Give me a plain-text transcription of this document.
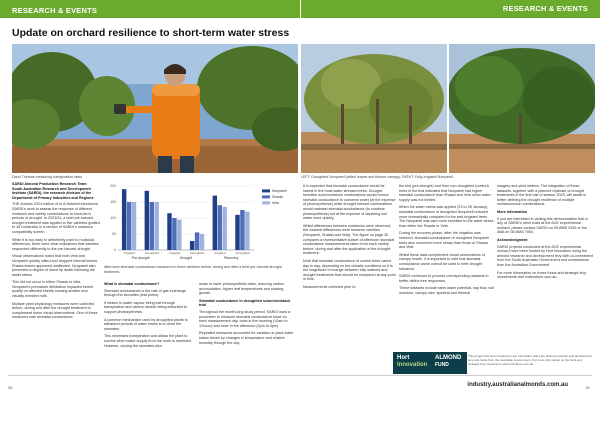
RESEARCH & EVENTS	RESEARCH & EVENTS
Update on orchard resilience to short-term water stress
Dario Thomas measuring transpiration rates.	LEFT: Droughted Nonpareil (wilted leaves and thinner canopy); RIGHT: Fully-irrigated Nonpareil.

SARDI Almond Production Research Team
South Australian Research and Development Institute (SARDI), the research division of the Department of Primary Industries and Regions

THE Autumn 2024 edition of In A Nutshell introduced SARDI’s work to assess the response of different rootstock and variety combinations to short-term periods of drought. In 2023/24, a brief pre-harvest drought treatment was applied to five varieties grafted to 18 rootstocks in a section of SARDI’s rootstock compatibility screen.

While it is too early to definitively point to rootstock differences, there were clear indications that varieties responded differently to the pre-harvest drought.

Visual observations noted that both Vela and Nonpareil quickly wilted and dropped internal leaves. Shasta leaves appeared unaffected. Nonpareil also presented a degree of shoot tip death following the water stress.

This did not occur in either Shasta or Vela. Nonpareil’s premature defoliation impacted kernel quality on affected sheets causing smaller and visually wrinkled nuts.

Multiple plant physiology measures were collected before, during and after the drought treatment to complement these visual observations. One of these measures was stomatal conductance.

What is stomatal conductance?

Stomatal conductance is the rate of gas exchange through the stomates (leaf pores).

It relates to water vapour being lost through transpiration and carbon dioxide being absorbed to support photosynthesis.

A common mechanism used by droughted plants to withstand periods of water stress is to close the stomates.

This minimises transpiration and allows the plant to survive when water supply from the roots is restricted. However, closing the stomates also

leads to lower photosynthetic rates, reducing carbon accumulation, higher leaf temperatures and slowing growth.

Stomatal conductance in droughted scion/rootstock trial

Throughout the month-long study period, SARDI used a porometer to measure stomatal conductance twice on each measurement day: once in the morning (10am to 12noon) and once in the afternoon (2pm to 4pm).

Repeated measures accounted for variation in plant water status driven by changes in temperature and relative humidity through the day.

It is expected that stomatal conductance would be lowest in the most water stressed trees. Drought sensitive scion/rootstock combinations would reduce stomatal conductance to conserve water (at the expense of photosynthesis) while drought tolerant combinations would maintain stomatal conductance (to continue photosynthesis) but at the expense of depleting soil water more quickly.

Whilst differences between rootstocks were observed, the clearest differences were between varieties (Nonpareil, Shasta and Vela). The figure on page 30 compares a representative subset of afternoon stomatal conductance measurements taken from each variety before, during and after the application of the drought treatment.

Note that stomatal conductance of control trees varied day to day, depending on the climatic conditions so it is the magnitude of change between fully watered and drought treatments that should be compared at any point in time.

Measurements collected prior to

the trial (pre-drought) and from non-droughted (control) trees in the trial indicated that Nonpareil had higher stomatal conductance than Shasta and Vela when water supply was not limited.

When the water stress was applied (23 to 26 January), stomatal conductance of droughted Nonpareil reduced more dramatically compared to the well-irrigated trees. The Nonpareil was also more sensitive to the water stress than either the Shasta or Vela.

During the recovery phase, after the irrigation was restored, stomatal conductance of droughted Nonpareil trees also recovered more slowly than those of Shasta and Vela.

Whilst these data complement visual observations of canopy health, it is important to note that stomatal conductance alone cannot be used to infer drought tolerance.

SARDI continues to process corresponding datasets to better define tree responses.

These datasets include stem water potential, sap flow, soil moisture, canopy size, spectral and thermal

imagery and yield metrics. The integration of these datasets, together with a planned replicate of drought treatments in the first half of season 2025, will assist in better defining the drought resilience of multiple rootstock/scion combinations.

More information

If you are interested in visiting this demonstration trial or any of SARDI’s other trials at the ACE experimental orchard, please contact SARDI on 08 8595 9100 or the ABA on 08 8584 7053.

Acknowledgment

SARDI projects conducted at the ACE experimental orchard have been funded by Hort Innovation using the almond research and development levy with co-investment from the South Australian Government and contributions from the Australian Government.

For more information on these funds and strategic levy investments visit horticulture.com.au.

0
50
100
150
200
Irrigated	Droughted	Irrigated	Droughted	Irrigated	Droughted
Pre-drought	Drought	Recovery
Nonpareil
Shasta
Vela
Afternoon stomatal conductance measured in three varieties before, during and after a brief pre-harvest drought treatment.
Hort
Innovation
ALMOND
FUND
This project has been funded by Hort Innovation using the almond research and development levy and funds from the Australian Government. For more information on the fund and strategic levy investment visit horticulture.com.au
30	industry.australianalmonds.com.au	31
